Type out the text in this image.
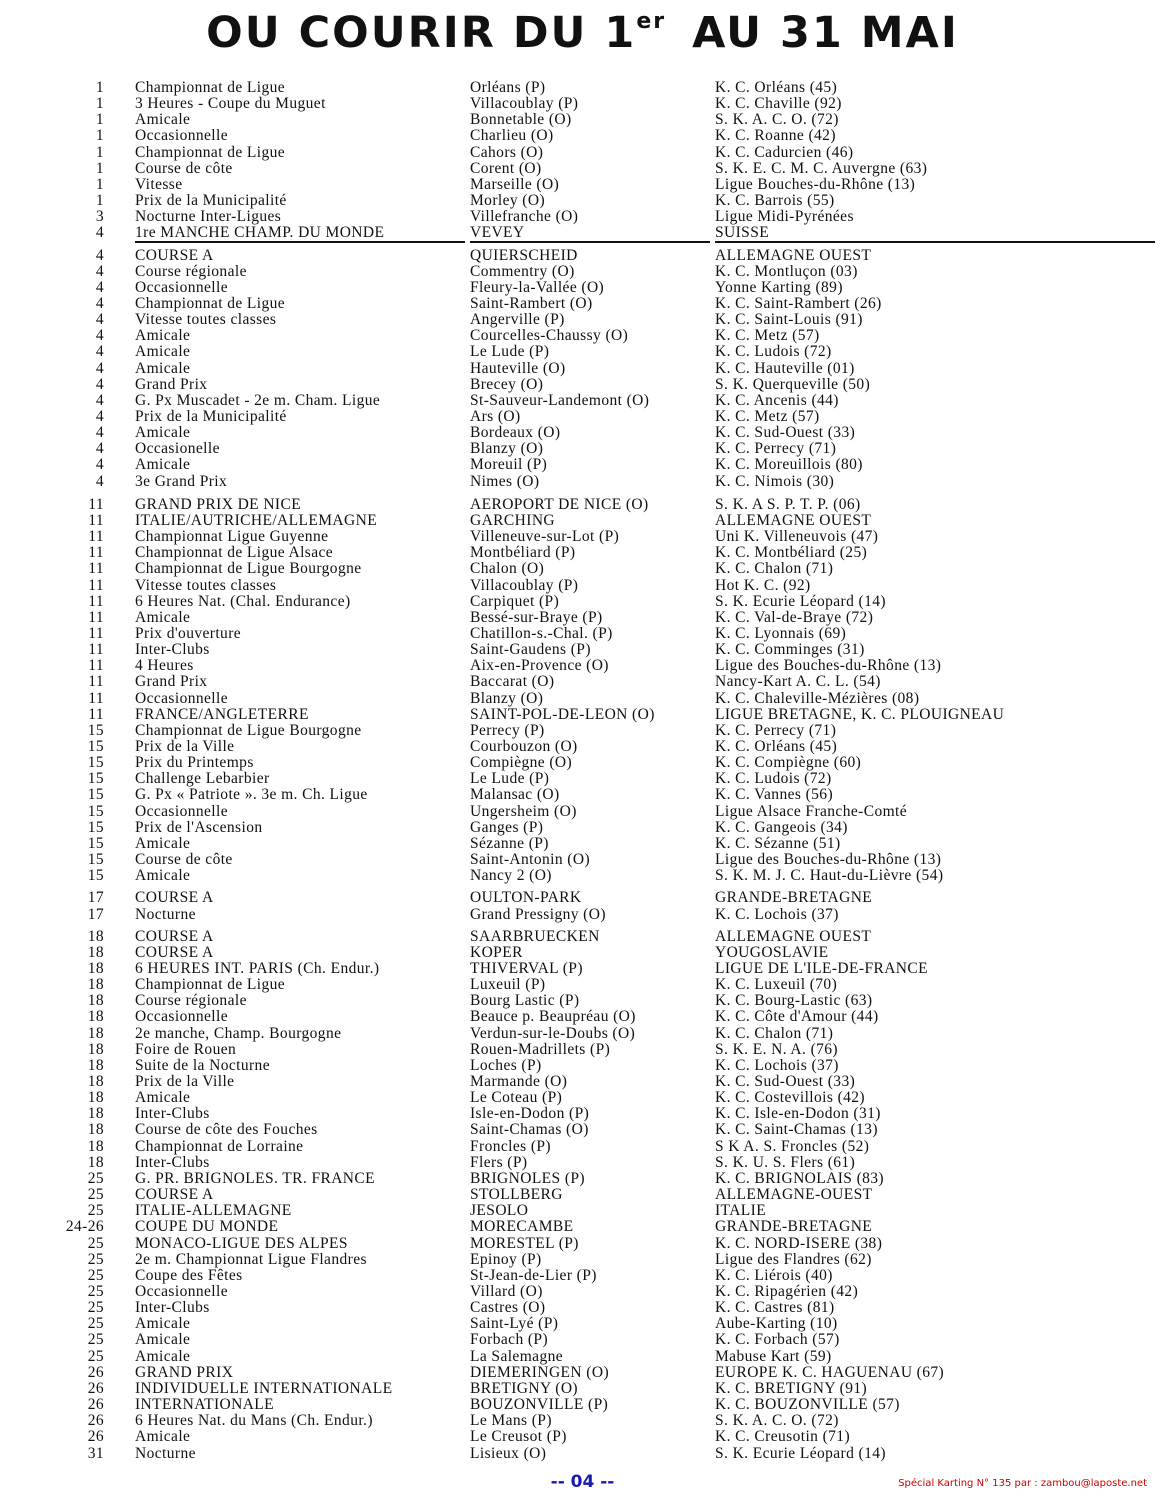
OU COURIR DU 1er AU 31 MAI
1 Championnat de Ligue	Orléans (P)	K. C. Orléans (45)
1 3 Heures - Coupe du Muguet	Villacoublay (P)	K. C. Chaville (92)
1 Amicale	Bonnetable (O)	S. K. A. C. O. (72)
1 Occasionnelle	Charlieu (O)	K. C. Roanne (42)
1 Championnat de Ligue	Cahors (O)	K. C. Cadurcien (46)
1 Course de côte	Corent (O)	S. K. E. C. M. C. Auvergne (63)
1 Vitesse	Marseille (O)	Ligue Bouches-du-Rhône (13)
1 Prix de la Municipalité	Morley (O)	K. C. Barrois (55)
3 Nocturne Inter-Ligues	Villefranche (O)	Ligue Midi-Pyrénées
4 1re MANCHE CHAMP. DU MONDE	VEVEY	SUISSE
4 COURSE A	QUIERSCHEID	ALLEMAGNE OUEST
4 Course régionale	Commentry (O)	K. C. Montluçon (03)
4 Occasionnelle	Fleury-la-Vallée (O)	Yonne Karting (89)
4 Championnat de Ligue	Saint-Rambert (O)	K. C. Saint-Rambert (26)
4 Vitesse toutes classes	Angerville (P)	K. C. Saint-Louis (91)
4 Amicale	Courcelles-Chaussy (O)	K. C. Metz (57)
4 Amicale	Le Lude (P)	K. C. Ludois (72)
4 Amicale	Hauteville (O)	K. C. Hauteville (01)
4 Grand Prix	Brecey (O)	S. K. Querqueville (50)
4 G. Px Muscadet - 2e m. Cham. Ligue	St-Sauveur-Landemont (O)	K. C. Ancenis (44)
4 Prix de la Municipalité	Ars (O)	K. C. Metz (57)
4 Amicale	Bordeaux (O)	K. C. Sud-Ouest (33)
4 Occasionelle	Blanzy (O)	K. C. Perrecy (71)
4 Amicale	Moreuil (P)	K. C. Moreuillois (80)
4 3e Grand Prix	Nimes (O)	K. C. Nimois (30)
11 GRAND PRIX DE NICE	AEROPORT DE NICE (O)	S. K. A S. P. T. P. (06)
11 ITALIE/AUTRICHE/ALLEMAGNE	GARCHING	ALLEMAGNE OUEST
11 Championnat Ligue Guyenne	Villeneuve-sur-Lot (P)	Uni K. Villeneuvois (47)
11 Championnat de Ligue Alsace	Montbéliard (P)	K. C. Montbéliard (25)
11 Championnat de Ligue Bourgogne	Chalon (O)	K. C. Chalon (71)
11 Vitesse toutes classes	Villacoublay (P)	Hot K. C. (92)
11 6 Heures Nat. (Chal. Endurance)	Carpiquet (P)	S. K. Ecurie Léopard (14)
11 Amicale	Bessé-sur-Braye (P)	K. C. Val-de-Braye (72)
11 Prix d'ouverture	Chatillon-s.-Chal. (P)	K. C. Lyonnais (69)
11 Inter-Clubs	Saint-Gaudens (P)	K. C. Comminges (31)
11 4 Heures	Aix-en-Provence (O)	Ligue des Bouches-du-Rhône (13)
11 Grand Prix	Baccarat (O)	Nancy-Kart A. C. L. (54)
11 Occasionnelle	Blanzy (O)	K. C. Chaleville-Mézières (08)
11 FRANCE/ANGLETERRE	SAINT-POL-DE-LEON (O)	LIGUE BRETAGNE, K. C. PLOUIGNEAU
15 Championnat de Ligue Bourgogne	Perrecy (P)	K. C. Perrecy (71)
15 Prix de la Ville	Courbouzon (O)	K. C. Orléans (45)
15 Prix du Printemps	Compiègne (O)	K. C. Compiègne (60)
15 Challenge Lebarbier	Le Lude (P)	K. C. Ludois (72)
15 G. Px « Patriote ». 3e m. Ch. Ligue	Malansac (O)	K. C. Vannes (56)
15 Occasionnelle	Ungersheim (O)	Ligue Alsace Franche-Comté
15 Prix de l'Ascension	Ganges (P)	K. C. Gangeois (34)
15 Amicale	Sézanne (P)	K. C. Sézanne (51)
15 Course de côte	Saint-Antonin (O)	Ligue des Bouches-du-Rhône (13)
15 Amicale	Nancy 2 (O)	S. K. M. J. C. Haut-du-Lièvre (54)
17 COURSE A	OULTON-PARK	GRANDE-BRETAGNE
17 Nocturne	Grand Pressigny (O)	K. C. Lochois (37)
18 COURSE A	SAARBRUECKEN	ALLEMAGNE OUEST
18 COURSE A	KOPER	YOUGOSLAVIE
18 6 HEURES INT. PARIS (Ch. Endur.)	THIVERVAL (P)	LIGUE DE L'ILE-DE-FRANCE
18 Championnat de Ligue	Luxeuil (P)	K. C. Luxeuil (70)
18 Course régionale	Bourg Lastic (P)	K. C. Bourg-Lastic (63)
18 Occasionnelle	Beauce p. Beaupréau (O)	K. C. Côte d'Amour (44)
18 2e manche, Champ. Bourgogne	Verdun-sur-le-Doubs (O)	K. C. Chalon (71)
18 Foire de Rouen	Rouen-Madrillets (P)	S. K. E. N. A. (76)
18 Suite de la Nocturne	Loches (P)	K. C. Lochois (37)
18 Prix de la Ville	Marmande (O)	K. C. Sud-Ouest (33)
18 Amicale	Le Coteau (P)	K. C. Costevillois (42)
18 Inter-Clubs	Isle-en-Dodon (P)	K. C. Isle-en-Dodon (31)
18 Course de côte des Fouches	Saint-Chamas (O)	K. C. Saint-Chamas (13)
18 Championnat de Lorraine	Froncles (P)	S K A. S. Froncles (52)
18 Inter-Clubs	Flers (P)	S. K. U. S. Flers (61)
25 G. PR. BRIGNOLES. TR. FRANCE	BRIGNOLES (P)	K. C. BRIGNOLAIS (83)
25 COURSE A	STOLLBERG	ALLEMAGNE-OUEST
25 ITALIE-ALLEMAGNE	JESOLO	ITALIE
24-26 COUPE DU MONDE	MORECAMBE	GRANDE-BRETAGNE
25 MONACO-LIGUE DES ALPES	MORESTEL (P)	K. C. NORD-ISERE (38)
25 2e m. Championnat Ligue Flandres	Epinoy (P)	Ligue des Flandres (62)
25 Coupe des Fêtes	St-Jean-de-Lier (P)	K. C. Liérois (40)
25 Occasionnelle	Villard (O)	K. C. Ripagérien (42)
25 Inter-Clubs	Castres (O)	K. C. Castres (81)
25 Amicale	Saint-Lyé (P)	Aube-Karting (10)
25 Amicale	Forbach (P)	K. C. Forbach (57)
25 Amicale	La Salemagne	Mabuse Kart (59)
26 GRAND PRIX	DIEMERINGEN (O)	EUROPE K. C. HAGUENAU (67)
26 INDIVIDUELLE INTERNATIONALE	BRETIGNY (O)	K. C. BRETIGNY (91)
26 INTERNATIONALE	BOUZONVILLE (P)	K. C. BOUZONVILLE (57)
26 6 Heures Nat. du Mans (Ch. Endur.)	Le Mans (P)	S. K. A. C. O. (72)
26 Amicale	Le Creusot (P)	K. C. Creusotin (71)
31 Nocturne	Lisieux (O)	S. K. Ecurie Léopard (14)
-- 04 --	Spécial Karting N° 135 par : zambou@laposte.net
